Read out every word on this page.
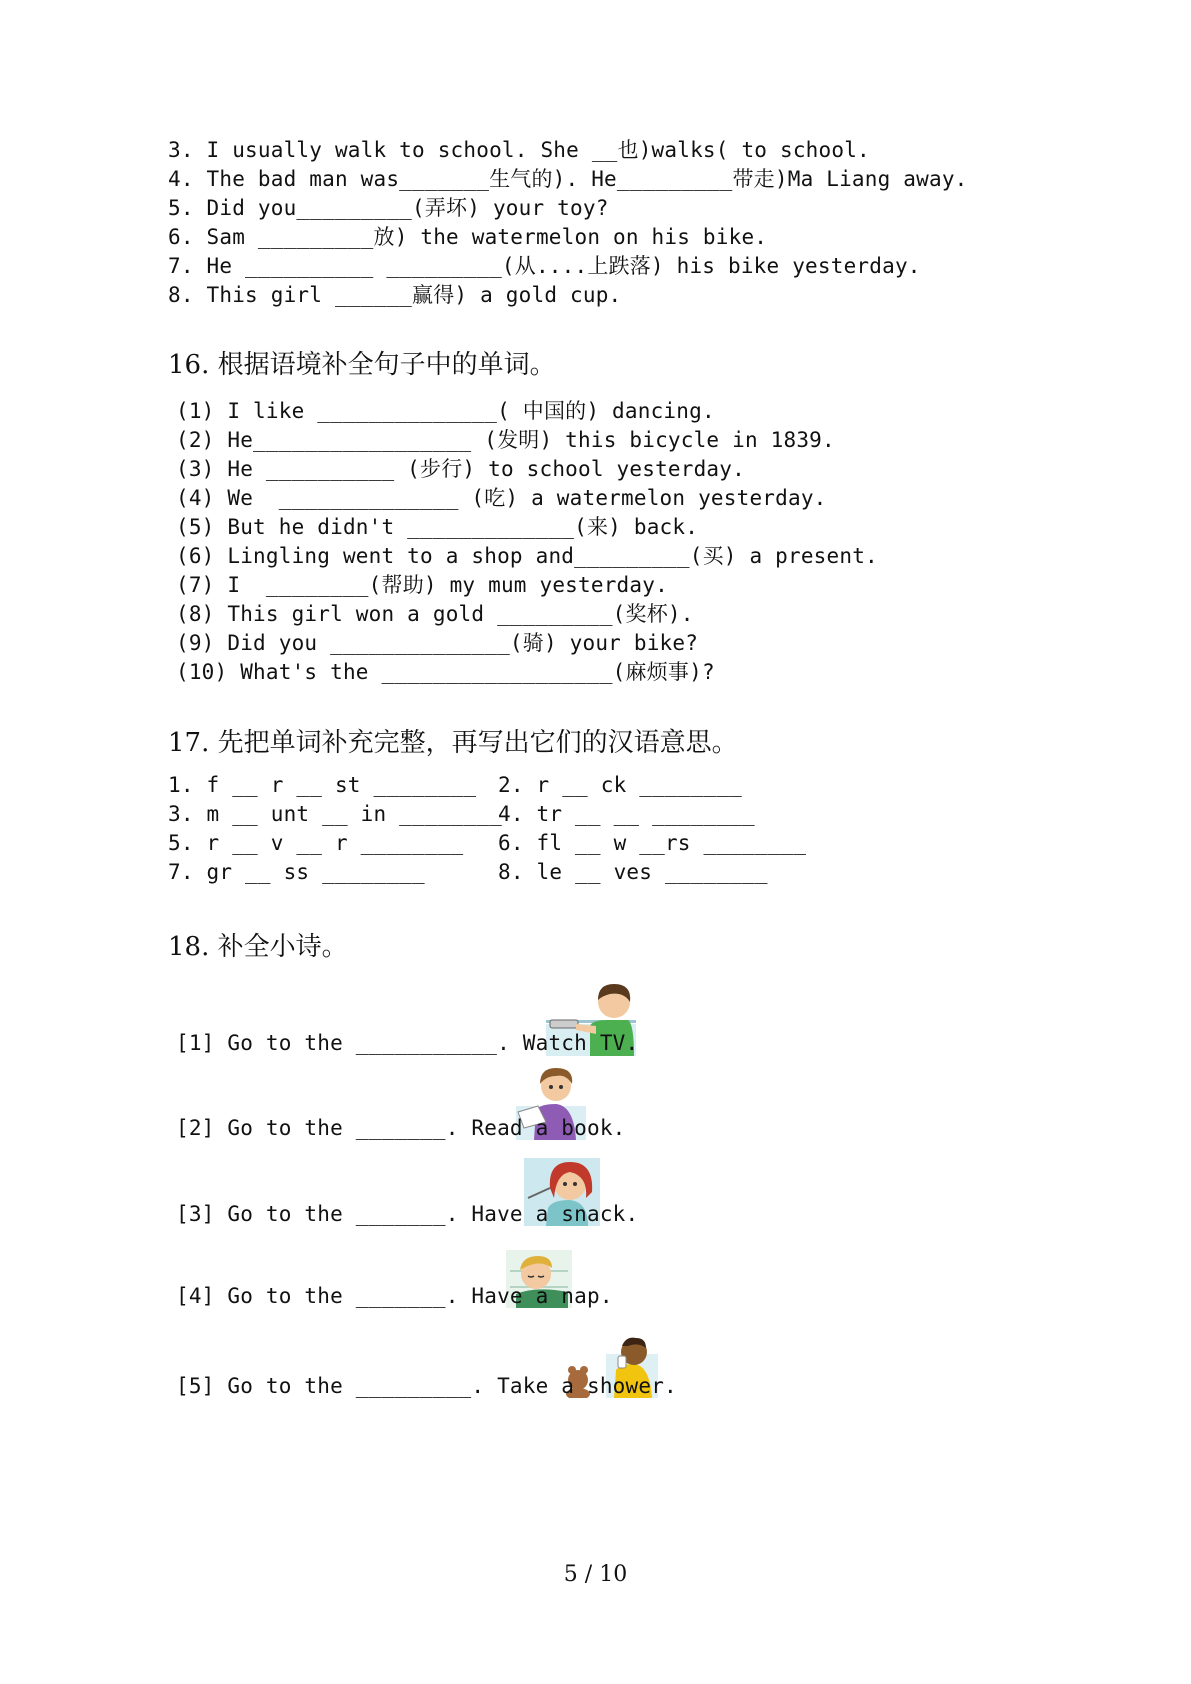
3. I usually walk to school. She __也)walks( to school.
4. The bad man was_______生气的). He_________带走)Ma Liang away.
5. Did you_________(弄坏) your toy?
6. Sam _________放) the watermelon on his bike.
7. He __________ _________(从....上跌落) his bike yesterday.
8. This girl ______赢得) a gold cup.
16. 根据语境补全句子中的单词。
(1) I like ______________( 中国的) dancing.
(2) He_________________ (发明) this bicycle in 1839.
(3) He __________ (步行) to school yesterday.
(4) We  ______________ (吃) a watermelon yesterday.
(5) But he didn't _____________(来) back.
(6) Lingling went to a shop and_________(买) a present.
(7) I  ________(帮助) my mum yesterday.
(8) This girl won a gold _________(奖杯).
(9) Did you ______________(骑) your bike?
(10) What's the __________________(麻烦事)?
17. 先把单词补充完整，再写出它们的汉语意思。
1. f __ r __ st ________
3. m __ unt __ in ________
5. r __ v __ r ________
7. gr __ ss ________
2. r __ ck ________
4. tr __ __ ________
6. fl __ w __rs ________
8. le __ ves ________
18. 补全小诗。
[1] Go to the ___________. Watch TV.
[2] Go to the _______. Read a book.
[3] Go to the _______. Have a snack.
[4] Go to the _______. Have a nap.
[5] Go to the _________. Take a shower.
5 / 10
